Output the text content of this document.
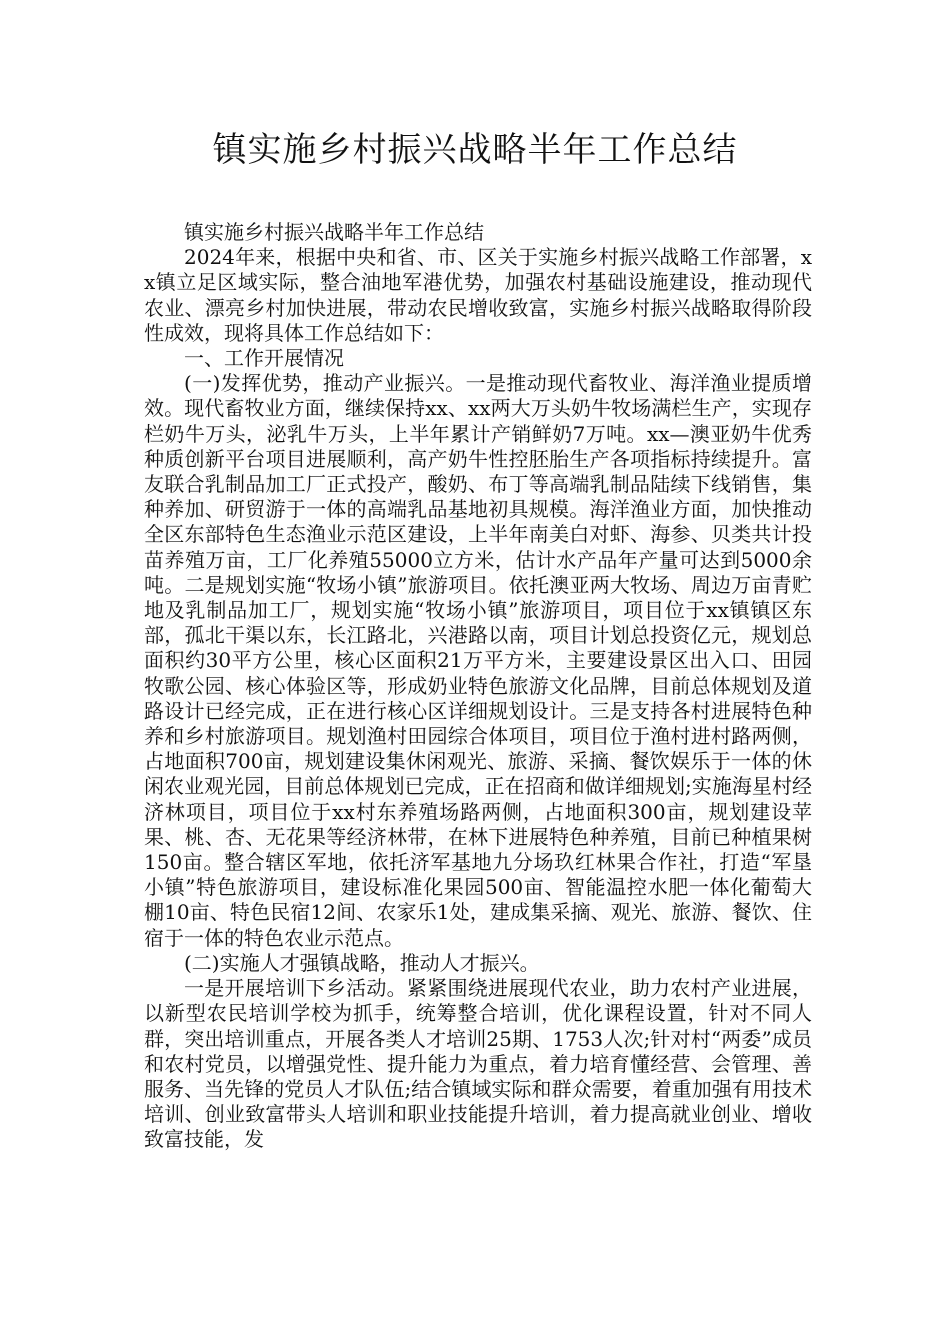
镇实施乡村振兴战略半年工作总结

镇实施乡村振兴战略半年工作总结

2024年来，根据中央和省、市、区关于实施乡村振兴战略工作部署，xx镇立足区域实际，整合油地军港优势，加强农村基础设施建设，推动现代农业、漂亮乡村加快进展，带动农民增收致富，实施乡村振兴战略取得阶段性成效，现将具体工作总结如下：

一、工作开展情况

(一)发挥优势，推动产业振兴。一是推动现代畜牧业、海洋渔业提质增效。现代畜牧业方面，继续保持xx、xx两大万头奶牛牧场满栏生产，实现存栏奶牛万头，泌乳牛万头，上半年累计产销鲜奶7万吨。xx—澳亚奶牛优秀种质创新平台项目进展顺利，高产奶牛性控胚胎生产各项指标持续提升。富友联合乳制品加工厂正式投产，酸奶、布丁等高端乳制品陆续下线销售，集种养加、研贸游于一体的高端乳品基地初具规模。海洋渔业方面，加快推动全区东部特色生态渔业示范区建设，上半年南美白对虾、海参、贝类共计投苗养殖万亩，工厂化养殖55000立方米，估计水产品年产量可达到5000余吨。二是规划实施“牧场小镇”旅游项目。依托澳亚两大牧场、周边万亩青贮地及乳制品加工厂，规划实施“牧场小镇”旅游项目，项目位于xx镇镇区东部，孤北干渠以东，长江路北，兴港路以南，项目计划总投资亿元，规划总面积约30平方公里，核心区面积21万平方米，主要建设景区出入口、田园牧歌公园、核心体验区等，形成奶业特色旅游文化品牌，目前总体规划及道路设计已经完成，正在进行核心区详细规划设计。三是支持各村进展特色种养和乡村旅游项目。规划渔村田园综合体项目，项目位于渔村进村路两侧，占地面积700亩，规划建设集休闲观光、旅游、采摘、餐饮娱乐于一体的休闲农业观光园，目前总体规划已完成，正在招商和做详细规划;实施海星村经济林项目，项目位于xx村东养殖场路两侧，占地面积300亩，规划建设苹果、桃、杏、无花果等经济林带，在林下进展特色种养殖，目前已种植果树150亩。整合辖区军地，依托济军基地九分场玖红林果合作社，打造“军垦小镇”特色旅游项目，建设标准化果园500亩、智能温控水肥一体化葡萄大棚10亩、特色民宿12间、农家乐1处，建成集采摘、观光、旅游、餐饮、住宿于一体的特色农业示范点。

(二)实施人才强镇战略，推动人才振兴。

一是开展培训下乡活动。紧紧围绕进展现代农业，助力农村产业进展，以新型农民培训学校为抓手，统筹整合培训，优化课程设置，针对不同人群，突出培训重点，开展各类人才培训25期、1753人次;针对村“两委”成员和农村党员，以增强党性、提升能力为重点，着力培育懂经营、会管理、善服务、当先锋的党员人才队伍;结合镇域实际和群众需要，着重加强有用技术培训、创业致富带头人培训和职业技能提升培训，着力提高就业创业、增收致富技能，发
